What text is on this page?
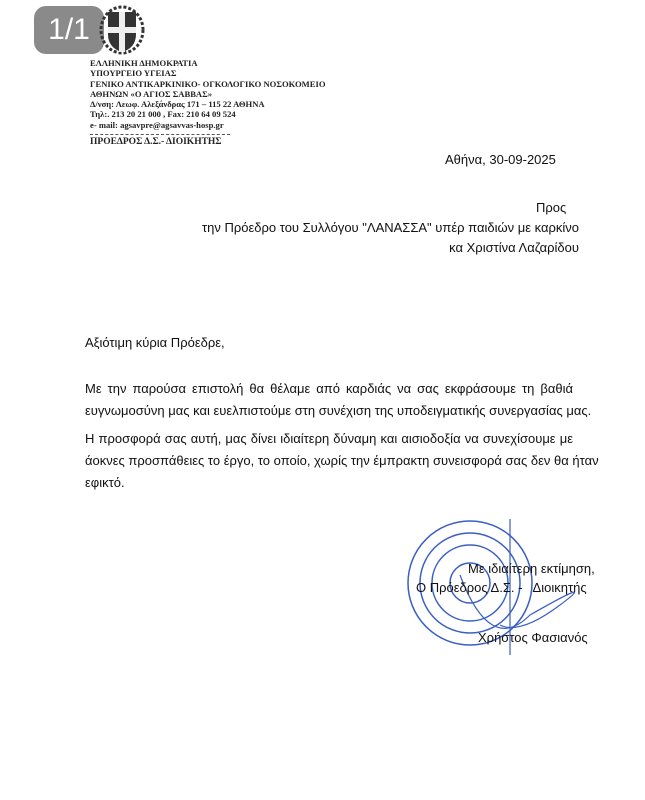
1/1
ΕΛΛΗΝΙΚΗ ΔΗΜΟΚΡΑΤΙΑ
ΥΠΟΥΡΓΕΙΟ ΥΓΕΙΑΣ
ΓΕΝΙΚΟ ΑΝΤΙΚΑΡΚΙΝΙΚΟ- ΟΓΚΟΛΟΓΙΚΟ ΝΟΣΟΚΟΜΕΙΟ
ΑΘΗΝΩΝ «Ο ΑΓΙΟΣ ΣΑΒΒΑΣ»
Δ/νση: Λεωφ. Αλεξάνδρας 171 – 115 22 ΑΘΗΝΑ
Τηλ:. 213 20 21 000 , Fax: 210 64 09 524
e- mail: agsavpre@agsavvas-hosp.gr
ΠΡΟΕΔΡΟΣ Δ.Σ.- ΔΙΟΙΚΗΤΗΣ
Αθήνα, 30-09-2025
Προς
την Πρόεδρο του Συλλόγου "ΛΑΝΑΣΣΑ" υπέρ παιδιών με καρκίνο
κα Χριστίνα Λαζαρίδου
Αξιότιμη κύρια Πρόεδρε,
Με την παρούσα επιστολή θα θέλαμε από καρδιάς να σας εκφράσουμε τη βαθιά
ευγνωμοσύνη μας και ευελπιστούμε στη συνέχιση της υποδειγματικής συνεργασίας μας.
Η προσφορά σας αυτή, μας δίνει ιδιαίτερη δύναμη και αισιοδοξία να συνεχίσουμε με
άοκνες προσπάθειες το έργο, το οποίο, χωρίς την έμπρακτη συνεισφορά σας δεν θα ήταν
εφικτό.
Με ιδιαίτερη εκτίμηση,
Ο Πρόεδρος Δ.Σ. -   Διοικητής
Χρήστος Φασιανός
